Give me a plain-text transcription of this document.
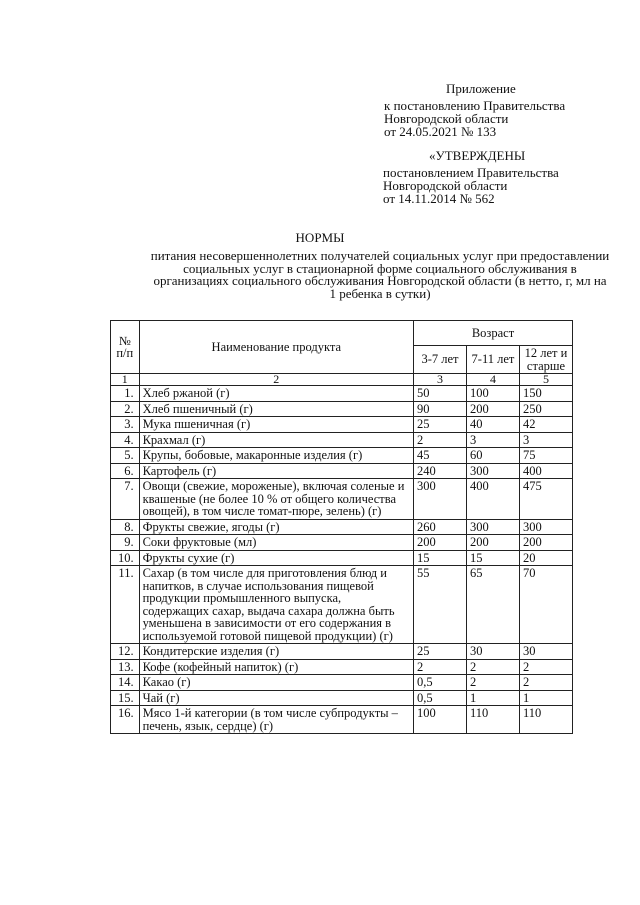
Приложение
к постановлению Правительства
Новгородской области
от 24.05.2021 № 133
«УТВЕРЖДЕНЫ
постановлением Правительства
Новгородской области
от 14.11.2014 № 562
НОРМЫ
питания несовершеннолетних получателей социальных услуг при предоставлении социальных услуг в стационарной форме социального обслуживания в организациях социального обслуживания Новгородской области (в нетто, г, мл на 1 ребенка в сутки)
№ п/п	Наименование продукта	Возраст		
		3-7 лет	7-11 лет	12 лет и старше
1	2	3	4	5
1.	Хлеб ржаной (г)	50	100	150
2.	Хлеб пшеничный (г)	90	200	250
3.	Мука пшеничная (г)	25	40	42
4.	Крахмал (г)	2	3	3
5.	Крупы, бобовые, макаронные изделия (г)	45	60	75
6.	Картофель (г)	240	300	400
7.	Овощи (свежие, мороженые), включая соленые и квашеные (не более 10 % от общего количества овощей), в том числе томат-пюре, зелень) (г)	300	400	475
8.	Фрукты свежие, ягоды (г)	260	300	300
9.	Соки фруктовые (мл)	200	200	200
10.	Фрукты сухие (г)	15	15	20
11.	Сахар (в том числе для приготовления блюд и напитков, в случае использования пищевой продукции промышленного выпуска, содержащих сахар, выдача сахара должна быть уменьшена в зависимости от его содержания в используемой готовой пищевой продукции) (г)	55	65	70
12.	Кондитерские изделия (г)	25	30	30
13.	Кофе (кофейный напиток) (г)	2	2	2
14.	Какао (г)	0,5	2	2
15.	Чай (г)	0,5	1	1
16.	Мясо 1-й категории (в том числе субпродукты – печень, язык, сердце) (г)	100	110	110
